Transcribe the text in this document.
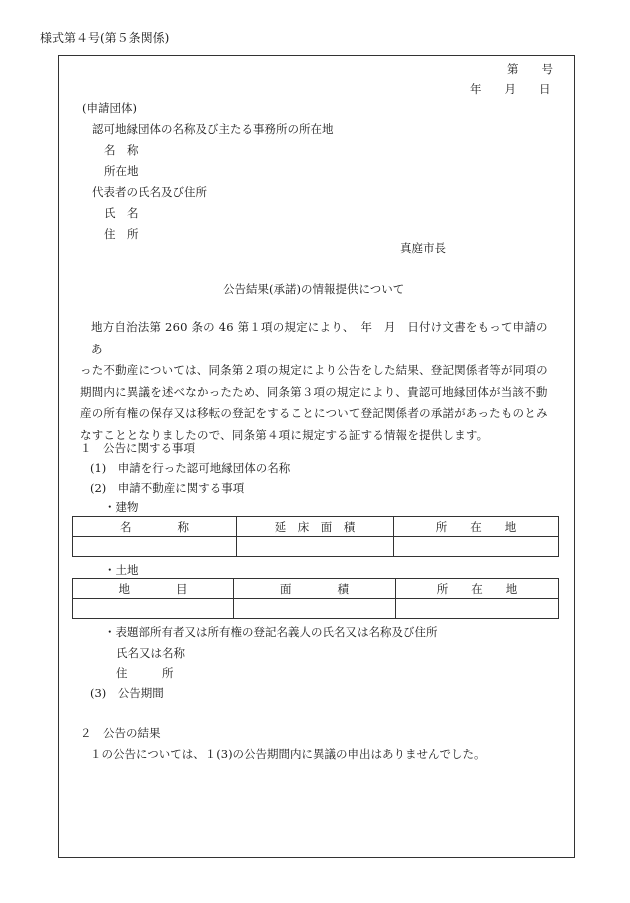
様式第４号(第５条関係)
第　　号
年　　月　　日
(申請団体)
認可地縁団体の名称及び主たる事務所の所在地
名　称
所在地
代表者の氏名及び住所
氏　名
住　所
真庭市長
公告結果(承諾)の情報提供について
地方自治法第 260 条の 46 第１項の規定により、　年　月　日付け文書をもって申請のあ
った不動産については、同条第２項の規定により公告をした結果、登記関係者等が同項の
期間内に異議を述べなかったため、同条第３項の規定により、貴認可地縁団体が当該不動
産の所有権の保存又は移転の登記をすることについて登記関係者の承諾があったものとみ
なすこととなりましたので、同条第４項に規定する証する情報を提供します。
１　公告に関する事項
(1)　申請を行った認可地縁団体の名称
(2)　申請不動産に関する事項
・建物
名　　　　称	延　床　面　積	所　　在　　地

・土地
地　　　　目	面　　　　積	所　　在　　地

・表題部所有者又は所有権の登記名義人の氏名又は名称及び住所
氏名又は名称
住　　　所
(3)　公告期間
２　公告の結果
１の公告については、１(3)の公告期間内に異議の申出はありませんでした。
